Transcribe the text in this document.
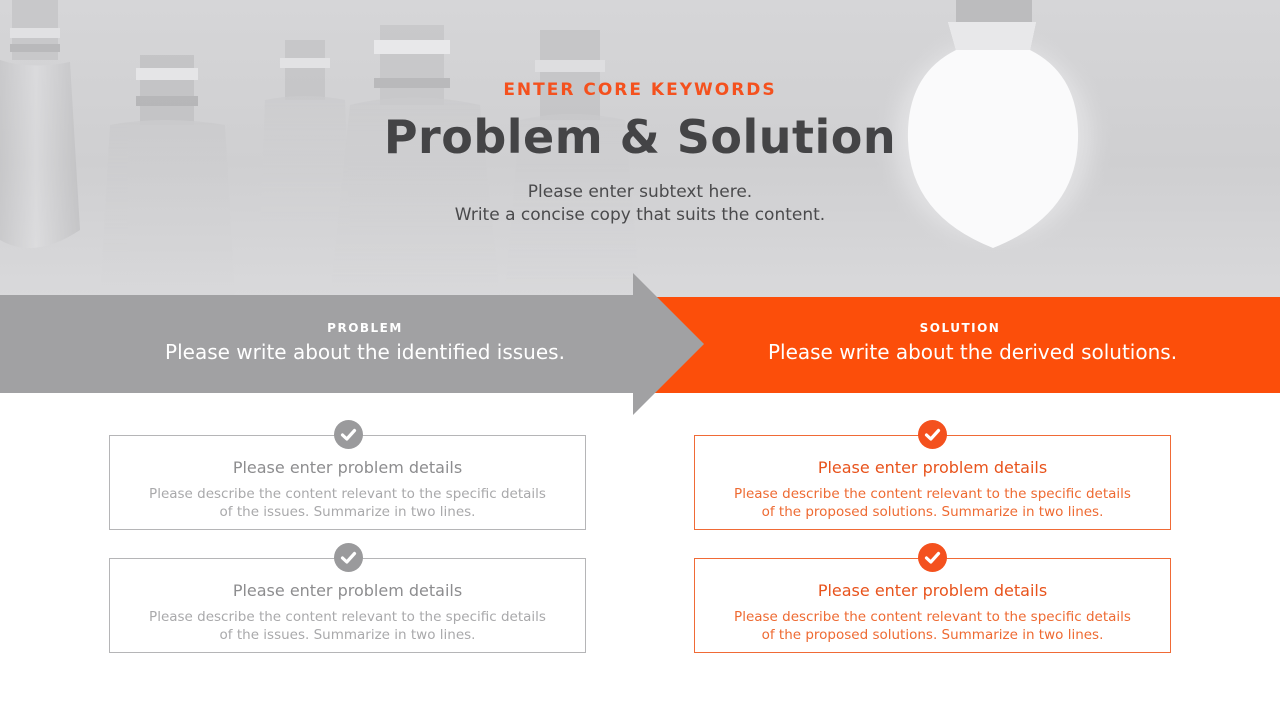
ENTER CORE KEYWORDS
Problem & Solution
Please enter subtext here.
Write a concise copy that suits the content.
PROBLEM
Please write about the identified issues.
SOLUTION
Please write about the derived solutions.
Please enter problem details
Please describe the content relevant to the specific details
of the issues. Summarize in two lines.
Please enter problem details
Please describe the content relevant to the specific details
of the issues. Summarize in two lines.
Please enter problem details
Please describe the content relevant to the specific details
of the proposed solutions. Summarize in two lines.
Please enter problem details
Please describe the content relevant to the specific details
of the proposed solutions. Summarize in two lines.
